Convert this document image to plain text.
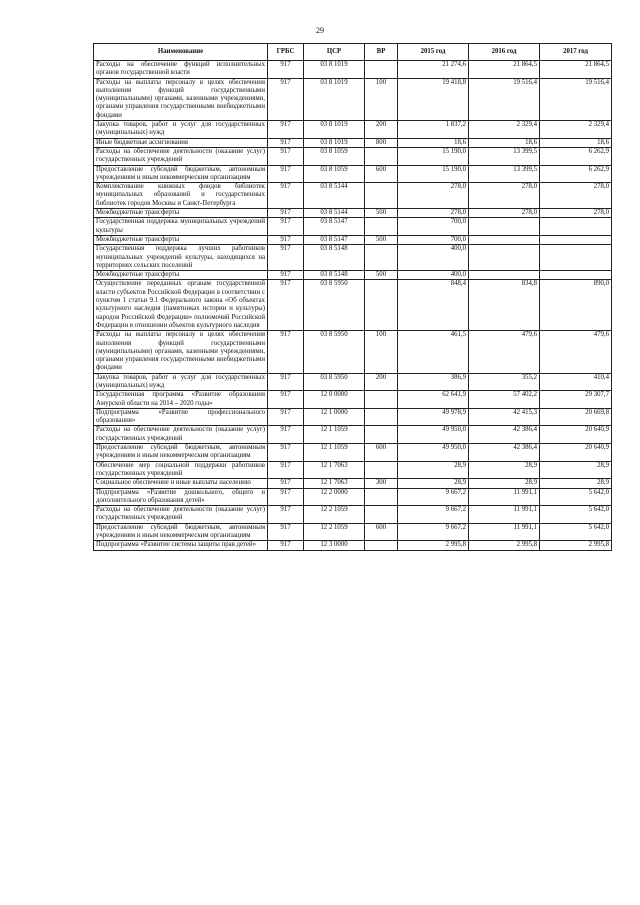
29
Наименование	ГРБС	ЦСР	ВР	2015 год	2016 год	2017 год
Расходы на обеспечение функций исполнительных органов государственной власти	917	03 8 1019		21 274,6	21 864,5	21 864,5
Расходы на выплаты персоналу в целях обеспечения выполнения функций государственными (муниципальными) органами, казенными учреждениями, органами управления государственными внебюджетными фондами	917	03 8 1019	100	19 418,8	19 516,4	19 516,4
Закупка товаров, работ и услуг для государственных (муниципальных) нужд	917	03 8 1019	200	1 837,2	2 329,4	2 329,4
Иные бюджетные ассигнования	917	03 8 1019	800	18,6	18,6	18,6
Расходы на обеспечение деятельности (оказание услуг) государственных учреждений	917	03 8 1059		15 190,0	13 399,5	6 262,9
Предоставление субсидий бюджетным, автономным учреждениям и иным некоммерческим организациям	917	03 8 1059	600	15 190,0	13 399,5	6 262,9
Комплектование книжных фондов библиотек муниципальных образований и государственных библиотек городов Москвы и Санкт-Петербурга	917	03 8 5144		278,0	278,0	278,0
Межбюджетные трансферты	917	03 8 5144	500	278,0	278,0	278,0
Государственная поддержка муниципальных учреждений культуры	917	03 8 5147		700,0		
Межбюджетные трансферты	917	03 8 5147	500	700,0		
Государственная поддержка лучших работников муниципальных учреждений культуры, находящихся на территориях сельских поселений	917	03 8 5148		400,0		
Межбюджетные трансферты	917	03 8 5148	500	400,0		
Осуществление переданных органам государственной власти субъектов Российской Федерации в соответствии с пунктом 1 статьи 9.1 Федерального закона «Об объектах культурного наследия (памятниках истории и культуры) народов Российской Федерации» полномочий Российской Федерации в отношении объектов культурного наследия	917	03 8 5950		848,4	834,8	890,0
Расходы на выплаты персоналу в целях обеспечения выполнения функций государственными (муниципальными) органами, казенными учреждениями, органами управления государственными внебюджетными фондами	917	03 8 5950	100	461,5	479,6	479,6
Закупка товаров, работ и услуг для государственных (муниципальных) нужд	917	03 8 5950	200	386,9	355,2	410,4
Государственная программа «Развитие образования Амурской области на 2014 – 2020 годы»	917	12 0 0000		62 641,9	57 402,2	29 307,7
Подпрограмма «Развитие профессионального образования»	917	12 1 0000		49 978,9	42 415,3	20 669,8
Расходы на обеспечение деятельности (оказание услуг) государственных учреждений	917	12 1 1059		49 950,0	42 386,4	20 640,9
Предоставление субсидий бюджетным, автономным учреждениям и иным некоммерческим организациям	917	12 1 1059	600	49 950,0	42 386,4	20 640,9
Обеспечение мер социальной поддержки работников государственных учреждений	917	12 1 7063		28,9	28,9	28,9
Социальное обеспечение и иные выплаты населению	917	12 1 7063	300	28,9	28,9	28,9
Подпрограмма «Развитие дошкольного, общего и дополнительного образования детей»	917	12 2 0000		9 667,2	11 991,1	5 642,0
Расходы на обеспечение деятельности (оказание услуг) государственных учреждений	917	12 2 1059		9 667,2	11 991,1	5 642,0
Предоставление субсидий бюджетным, автономным учреждениям и иным некоммерческим организациям	917	12 2 1059	600	9 667,2	11 991,1	5 642,0
Подпрограмма «Развитие системы защиты прав детей»	917	12 3 0000		2 995,8	2 995,8	2 995,8
